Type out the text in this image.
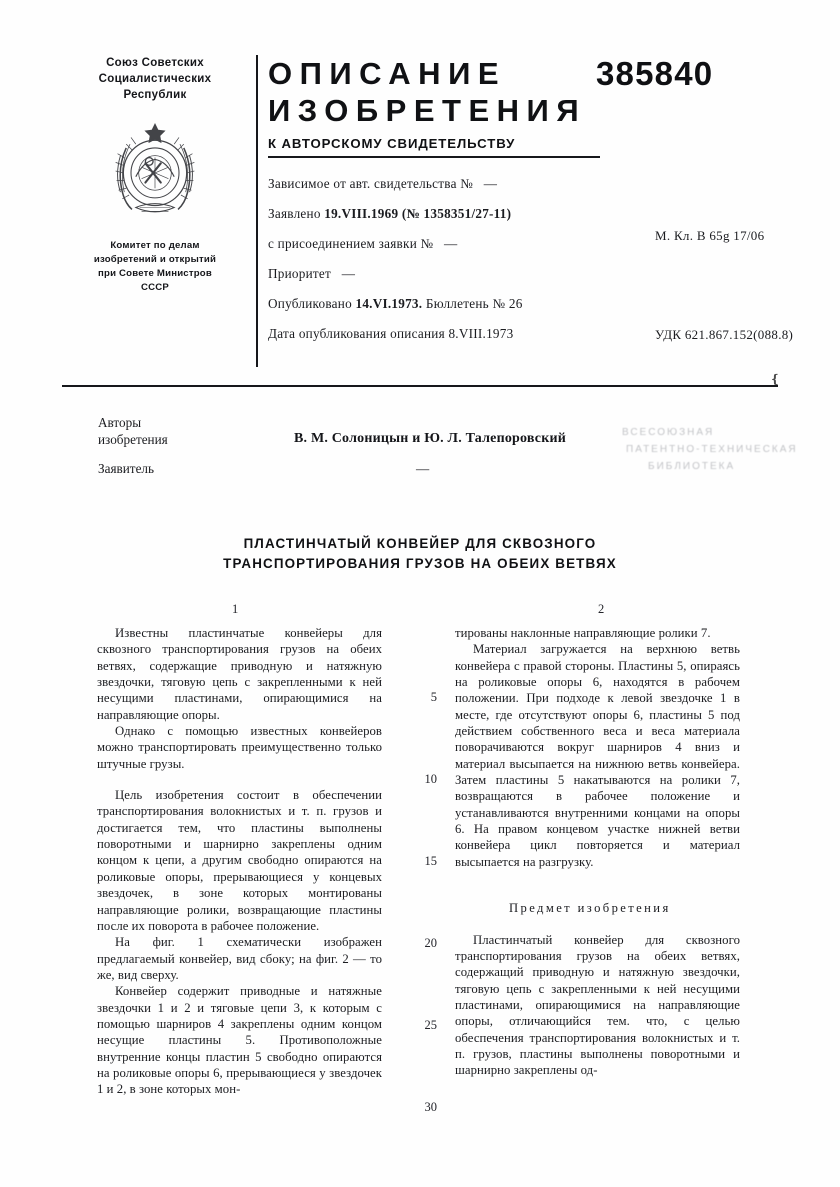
Союз Советских
Социалистических
Республик
Комитет по делам
изобретений и открытий
при Совете Министров
СССР
ОПИСАНИЕ
ИЗОБРЕТЕНИЯ
К АВТОРСКОМУ СВИДЕТЕЛЬСТВУ
Зависимое от авт. свидетельства № —
Заявлено 19.VIII.1969 (№ 1358351/27-11)
с присоединением заявки № —
Приоритет —
Опубликовано 14.VI.1973. Бюллетень № 26
Дата опубликования описания 8.VIII.1973
М. Кл. B 65g 17/06
УДК 621.867.152(088.8)
385840
❴
Авторы
изобретения	В. М. Солоницын и Ю. Л. Талепоровский
Заявитель	—
ВСЕСОЮЗНАЯ
ПАТЕНТНО-ТЕХНИЧЕСКАЯ
БИБЛИОТЕКА
ПЛАСТИНЧАТЫЙ КОНВЕЙЕР ДЛЯ СКВОЗНОГО
ТРАНСПОРТИРОВАНИЯ ГРУЗОВ НА ОБЕИХ ВЕТВЯХ
1	2

Известны пластинчатые конвейеры для сквозного транспортирования грузов на обеих ветвях, содержащие приводную и натяжную звездочки, тяговую цепь с закрепленными к ней несущими пластинами, опирающимися на направляющие опоры.

Однако с помощью известных конвейеров можно транспортировать преимущественно только штучные грузы.

Цель изобретения состоит в обеспечении транспортирования волокнистых и т. п. грузов и достигается тем, что пластины выполнены поворотными и шарнирно закреплены одним концом к цепи, а другим свободно опираются на роликовые опоры, прерывающиеся у концевых звездочек, в зоне которых монтированы направляющие ролики, возвращающие пластины после их поворота в рабочее положение.

На фиг. 1 схематически изображен предлагаемый конвейер, вид сбоку; на фиг. 2 — то же, вид сверху.

Конвейер содержит приводные и натяжные звездочки 1 и 2 и тяговые цепи 3, к которым с помощью шарниров 4 закреплены одним концом несущие пластины 5. Противоположные внутренние концы пластин 5 свободно опираются на роликовые опоры 6, прерывающиеся у звездочек 1 и 2, в зоне которых мон-

5
10
15
20
25
30

тированы наклонные направляющие ролики 7.

Материал загружается на верхнюю ветвь конвейера с правой стороны. Пластины 5, опираясь на роликовые опоры 6, находятся в рабочем положении. При подходе к левой звездочке 1 в месте, где отсутствуют опоры 6, пластины 5 под действием собственного веса и веса материала поворачиваются вокруг шарниров 4 вниз и материал высыпается на нижнюю ветвь конвейера. Затем пластины 5 накатываются на ролики 7, возвращаются в рабочее положение и устанавливаются внутренними концами на опоры 6. На правом концевом участке нижней ветви конвейера цикл повторяется и материал высыпается на разгрузку.

Предмет изобретения

Пластинчатый конвейер для сквозного транспортирования грузов на обеих ветвях, содержащий приводную и натяжную звездочки, тяговую цепь с закрепленными к ней несущими пластинами, опирающимися на направляющие опоры, отличающийся тем. что, с целью обеспечения транспортирования волокнистых и т. п. грузов, пластины выполнены поворотными и шарнирно закреплены од-
